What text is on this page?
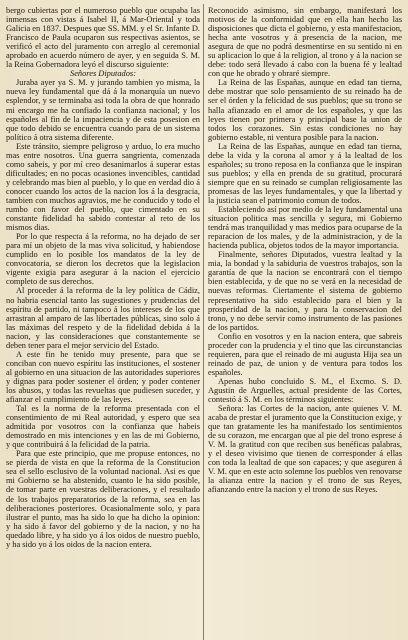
bergo cubiertas por el numeroso pueblo que ocupaba las inmensas con vistas á Isabel II, á Mar-Oriental y toda Galicia en 1837. Despues que SS. MM. y el Sr. Infante D. Francisco de Paula ocuparon sus respectivas asientos, se verificó el acto del juramento con arreglo al ceremonial aprobado en acuerdo número de ayer, y en seguida S. M. la Reina Gobernadora leyó el discurso siguiente:

Señores Diputados:

Juraba ayer ya S. M. y jurando tambien yo misma, la nueva ley fundamental que dá á la monarquía un nuevo esplendor, y se terminaba asi toda la obra de que honrado mi encargo me ha confiado la confianza nacional; y los españoles al fin de la impaciencia y de esta posesion en que todo debido se encuentra cuando para de un sistema político á otra sistema diferente.

Este tránsito, siempre peligroso y arduo, lo era mucho mas entre nosotros. Una guerra sangrienta, comenzada como sabeis, y por mí creo desanimarlos á superar estas dificultades; en no pocas ocasiones invencibles, cantidad y celebrando mas bien al pueblo, y lo que en verdad dio á conocer cuando los actos de la nacion los á la desgracia, tambien con muchos agravios, me he conducido y todo el rumbo con favor del pueblo, que cimentado en su constante fidelidad ha sabido contestar al reto de los mismos dias.

Por lo que respecta á la reforma, no ha dejado de ser para mí un objeto de la mas viva solicitud, y habiendose cumplido en lo posible los mandatos de la ley de convocatoria, se dieron los decretos que la legislacion vigente exigia para asegurar á la nacion el ejercicio completo de sus derechos.

Al proceder á la reforma de la ley política de Cádiz, no habria esencial tanto las sugestiones y prudencias del espíritu de partido, ni tampoco á los intereses de los que arrastran al amparo de las libertades públicas, sino solo á las máximas del respeto y de la fidelidad debida á la nacion, y las consideraciones que constantemente se deben tener para el mejor servicio del Estado.

A este fin he tenido muy presente, para que se conciban con nuevo espíritu las instituciones, el sostener al gobierno en una situacion de las autoridades superiores y dignas para poder sostener el órden; y poder contener los abusos, y todas las revueltas que pudiesen suceder, y afianzar el cumplimiento de las leyes.

Tal es la norma de la reforma presentada con el consentimiento de mi Real autoridad, y espero que sea admitida por vosotros con la confianza que habeis demostrado en mis intenciones y en las de mi Gobierno, y que contribuirá á la felicidad de la patria.

Para que este principio, que me propuse entonces, no se pierda de vista en que la reforma de la Constitucion sea el sello esclusivo de la voluntad nacional. Asi es que mi Gobierno se ha abstenido, cuanto le ha sido posible, de tomar parte en vuestras deliberaciones, y el resultado de los trabajos preparatorios de la reforma, sea en las deliberaciones posteriores. Ocasionalmente solo, y para ilustrar el punto, mas ha sido lo que ha dicho la opinion: y ha sido á favor del gobierno y de la nacion, y no ha quedado libre, y ha sido yo á los oidos de nuestro pueblo, y ha sido yo á los oidos de la nacion entera.

Reconocido asimismo, sin embargo, manifestará los motivos de la conformidad que en ella han hecho las disposiciones que dicta el gobierno, y esta manifestacion, hecha ante vosotros y á presencia de la nacion, me asegura de que no podrá desmentirse en su sentido ni en su aplicacion lo que á la religion, al trono y á la nacion se debe: todo será llevado á cabo con la buena fé y lealtad con que he obrado y obraré siempre.

La Reina de las Españas, aunque en edad tan tierna, debe mostrar que solo pensamiento de su reinado ha de ser el órden y la felicidad de sus pueblos; que su trono se halla afianzado en el amor de los españoles, y que las leyes tienen por primera y principal base la union de todos los corazones. Sin estas condiciones no hay gobierno estable, ni ventura posible para la nacion.

La Reina de las Españas, aunque en edad tan tierna, debe la vida y la corona al amor y á la lealtad de los españoles; su trono reposa en la confianza que le inspiran sus pueblos; y ella en prenda de su gratitud, procurará siempre que en su reinado se cumplan religiosamente las promesas de las leyes fundamentales, y que la libertad y la justicia sean el patrimonio comun de todos.

Estableciendo así por medio de la ley fundamental una situacion politica mas sencilla y segura, mi Gobierno tendrá mas tranquilidad y mas medios para ocuparse de la reparacion de los males, y de la administracion, y de la hacienda publica, objetos todos de la mayor importancia.

Finalmente, señores Diputados, vuestra lealtad y la mia, la bondad y la sabiduria de vuestros trabajos, son la garantía de que la nacion se encontrará con el tiempo bien establecida, y de que no se verá en la necesidad de nuevas reformas. Ciertamente el sistema de gobierno representativo ha sido establecido para el bien y la prosperidad de la nacion, y para la conservacion del trono, y no debe servir como instrumento de las pasiones de los partidos.

Confio en vosotros y en la nacion entera, que sabreis proceder con la prudencia y el tino que las circunstancias requieren, para que el reinado de mi augusta Hija sea un reinado de paz, de union y de ventura para todos los españoles.

Apenas hubo concluido S. M., el Excmo. S. D. Agustin de Arguelles, actual presidente de las Cortes, contestó á S. M. en los términos siguientes:

Señora: las Cortes de la nacion, ante quienes V. M. acaba de prestar el juramento que la Constitucion exige, y que tan gratamente les ha manifestado los sentimientos de su corazon, me encargan que al pie del trono esprese á V. M. la gratitud con que reciben sus benéficas palabras, y el deseo vivisimo que tienen de corresponder á ellas con toda la lealtad de que son capaces; y que aseguren á V. M. que en este acto solemne los pueblos ven renovarse la alianza entre la nacion y el trono de sus Reyes, afianzando entre la nacion y el trono de sus Reyes.
